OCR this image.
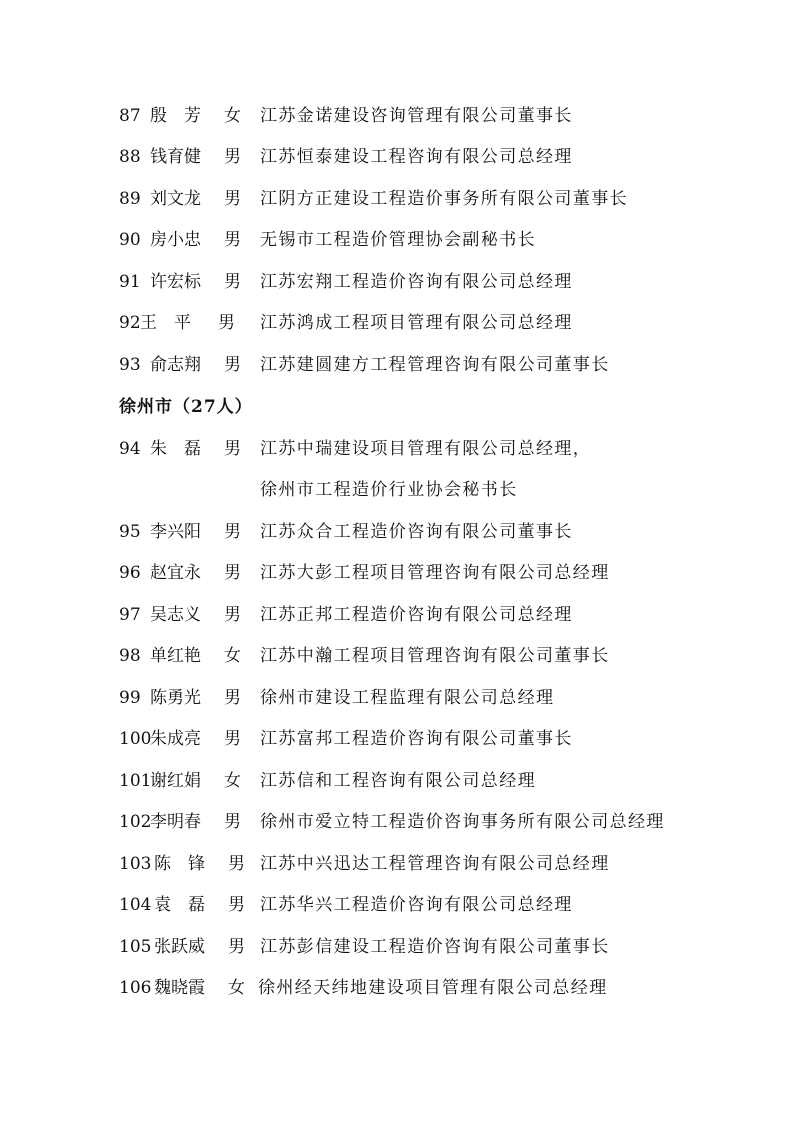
87 殷　芳 女 江苏金诺建设咨询管理有限公司董事长
88 钱育健 男 江苏恒泰建设工程咨询有限公司总经理
89 刘文龙 男 江阴方正建设工程造价事务所有限公司董事长
90 房小忠 男 无锡市工程造价管理协会副秘书长
91 许宏标 男 江苏宏翔工程造价咨询有限公司总经理
92 王　平 男 江苏鸿成工程项目管理有限公司总经理
93 俞志翔 男 江苏建圆建方工程管理咨询有限公司董事长
徐州市（27人）
94 朱　磊 男 江苏中瑞建设项目管理有限公司总经理，
徐州市工程造价行业协会秘书长
95 李兴阳 男 江苏众合工程造价咨询有限公司董事长
96 赵宜永 男 江苏大彭工程项目管理咨询有限公司总经理
97 吴志义 男 江苏正邦工程造价咨询有限公司总经理
98 单红艳 女 江苏中瀚工程项目管理咨询有限公司董事长
99 陈勇光 男 徐州市建设工程监理有限公司总经理
100
朱成亮 男 江苏富邦工程造价咨询有限公司董事长
101
谢红娟 女 江苏信和工程咨询有限公司总经理
102
李明春 男 徐州市爱立特工程造价咨询事务所有限公司总经理
103 陈　锋 男 江苏中兴迅达工程管理咨询有限公司总经理
104 袁　磊 男 江苏华兴工程造价咨询有限公司总经理
105 张跃威 男 江苏彭信建设工程造价咨询有限公司董事长
106 魏晓霞 女 徐州经天纬地建设项目管理有限公司总经理
